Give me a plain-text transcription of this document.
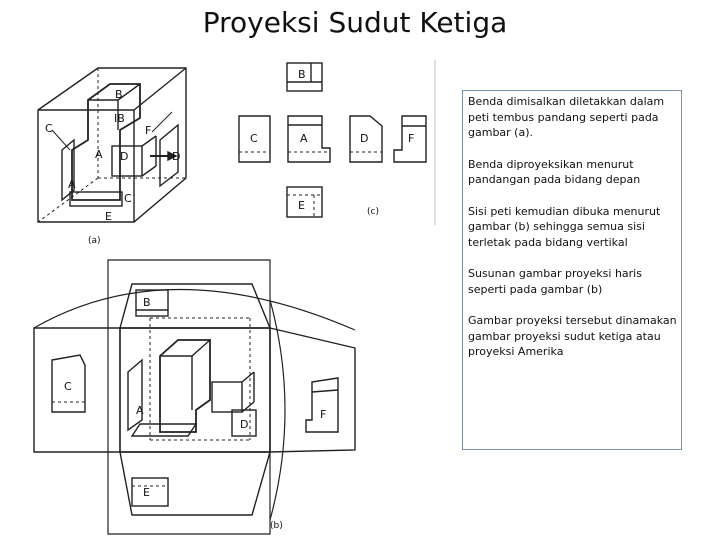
Proyeksi Sudut Ketiga
B
IB
C	F
A D	D
A
C
E
(a)
B
C	A	D	F
E	(c)
B
C
A
D
F
E
(b)

Benda dimisalkan diletakkan dalam peti tembus pandang seperti pada gambar (a).

Benda diproyeksikan menurut pandangan pada bidang depan

Sisi peti kemudian dibuka menurut gambar (b) sehingga semua sisi terletak pada bidang vertikal

Susunan gambar proyeksi haris seperti pada gambar (b)

Gambar proyeksi tersebut dinamakan gambar proyeksi sudut ketiga atau proyeksi Amerika
